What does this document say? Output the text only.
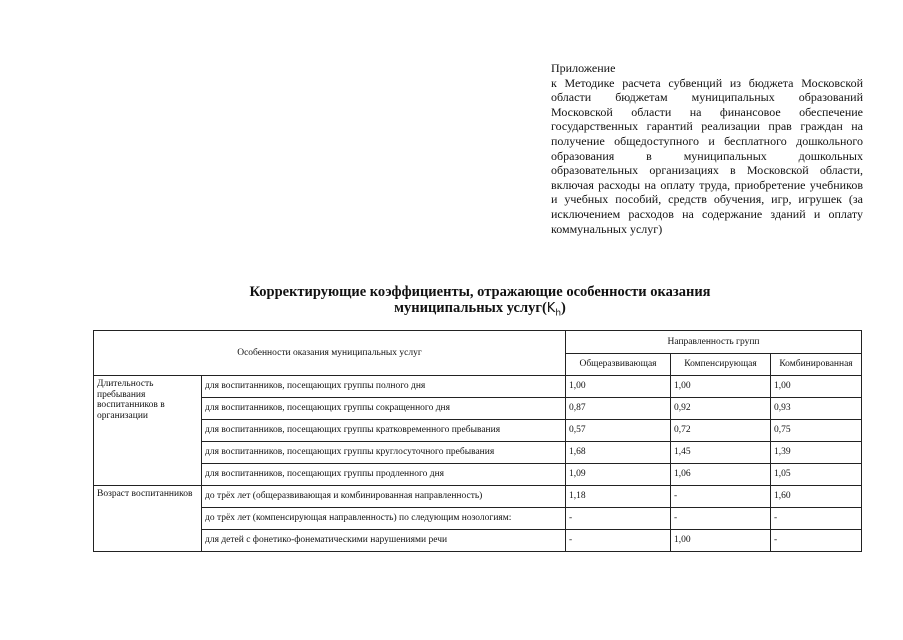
Приложение
к Методике расчета субвенций из бюджета Московской области бюджетам муниципальных образований Московской области на финансовое обеспечение государственных гарантий реализации прав граждан на получение общедоступного и бесплатного дошкольного образования в муниципальных дошкольных образовательных организациях в Московской области, включая расходы на оплату труда, приобретение учебников и учебных пособий, средств обучения, игр, игрушек (за исключением расходов на содержание зданий и оплату коммунальных услуг)
Корректирующие коэффициенты, отражающие особенности оказания
муниципальных $услуг(K_h)$
Особенности оказания муниципальных услуг		Направленность групп		
		Общеразвивающая	Компенсирующая	Комбинированная
Длительность пребывания воспитанников в организации	для воспитанников, посещающих группы полного дня	1,00	1,00	1,00
	для воспитанников, посещающих группы сокращенного дня	0,87	0,92	0,93
	для воспитанников, посещающих группы кратковременного пребывания	0,57	0,72	0,75
	для воспитанников, посещающих группы круглосуточного пребывания	1,68	1,45	1,39
	для воспитанников, посещающих группы продленного дня	1,09	1,06	1,05
Возраст воспитанников	до трёх лет (общеразвивающая и комбинированная направленность)	1,18	-	1,60
	до трёх лет (компенсирующая направленность) по следующим нозологиям:	-	-	-
	для детей с фонетико-фонематическими нарушениями речи	-	1,00	-
